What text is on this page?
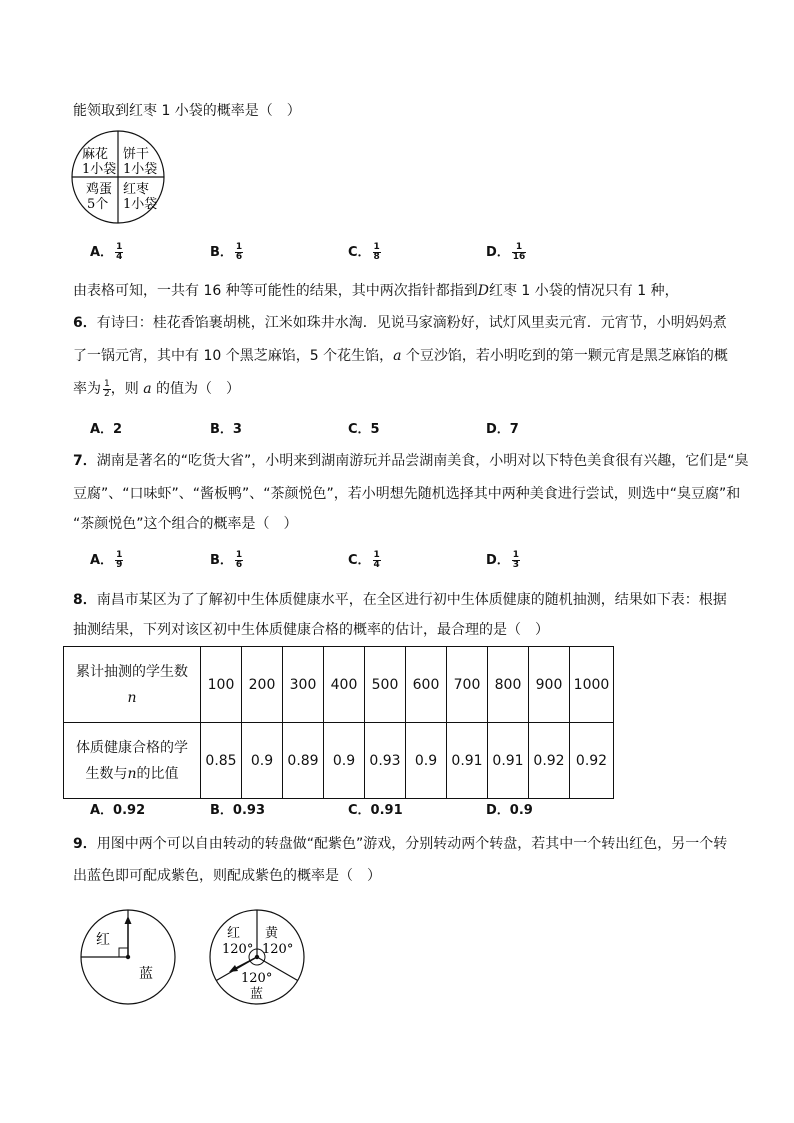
能领取到红枣 1 小袋的概率是（　）
麻花
1小袋
饼干
1小袋
鸡蛋
5个
红枣
1小袋
A． $\frac{1}{4}$	B． $\frac{1}{6}$	C． $\frac{1}{8}$	D． $\frac{1}{16}$
由表格可知，一共有 16 种等可能性的结果，其中两次指针都指到D红枣 1 小袋的情况只有 1 种，
6．有诗曰：桂花香馅裹胡桃，江米如珠井水淘．见说马家滴粉好，试灯风里卖元宵．元宵节，小明妈妈煮
了一锅元宵，其中有 10 个黑芝麻馅，5 个花生馅，a 个豆沙馅，若小明吃到的第一颗元宵是黑芝麻馅的概
率为 $\frac{1}{2}$ ，则 a 的值为（　）
A．2	B．3	C．5	D．7
7．湖南是著名的“吃货大省”，小明来到湖南游玩并品尝湖南美食，小明对以下特色美食很有兴趣，它们是“臭
豆腐”、“口味虾”、“酱板鸭”、“茶颜悦色”，若小明想先随机选择其中两种美食进行尝试，则选中“臭豆腐”和
“茶颜悦色”这个组合的概率是（　）
A． $\frac{1}{9}$	B． $\frac{1}{6}$	C． $\frac{1}{4}$	D． $\frac{1}{3}$
8．南昌市某区为了了解初中生体质健康水平，在全区进行初中生体质健康的随机抽测，结果如下表：根据
抽测结果，下列对该区初中生体质健康合格的概率的估计，最合理的是（　）
累计抽测的学生数
n	100	200	300	400	500	600	700	800	900	1000
体质健康合格的学
生数与n的比值	0.85	0.9	0.89	0.9	0.93	0.9	0.91	0.91	0.92	0.92
A．0.92	B．0.93	C．0.91	D．0.9
9．用图中两个可以自由转动的转盘做“配紫色”游戏，分别转动两个转盘，若其中一个转出红色，另一个转
出蓝色即可配成紫色，则配成紫色的概率是（　）
红
蓝
红
120°
黄
120°
120°
蓝
